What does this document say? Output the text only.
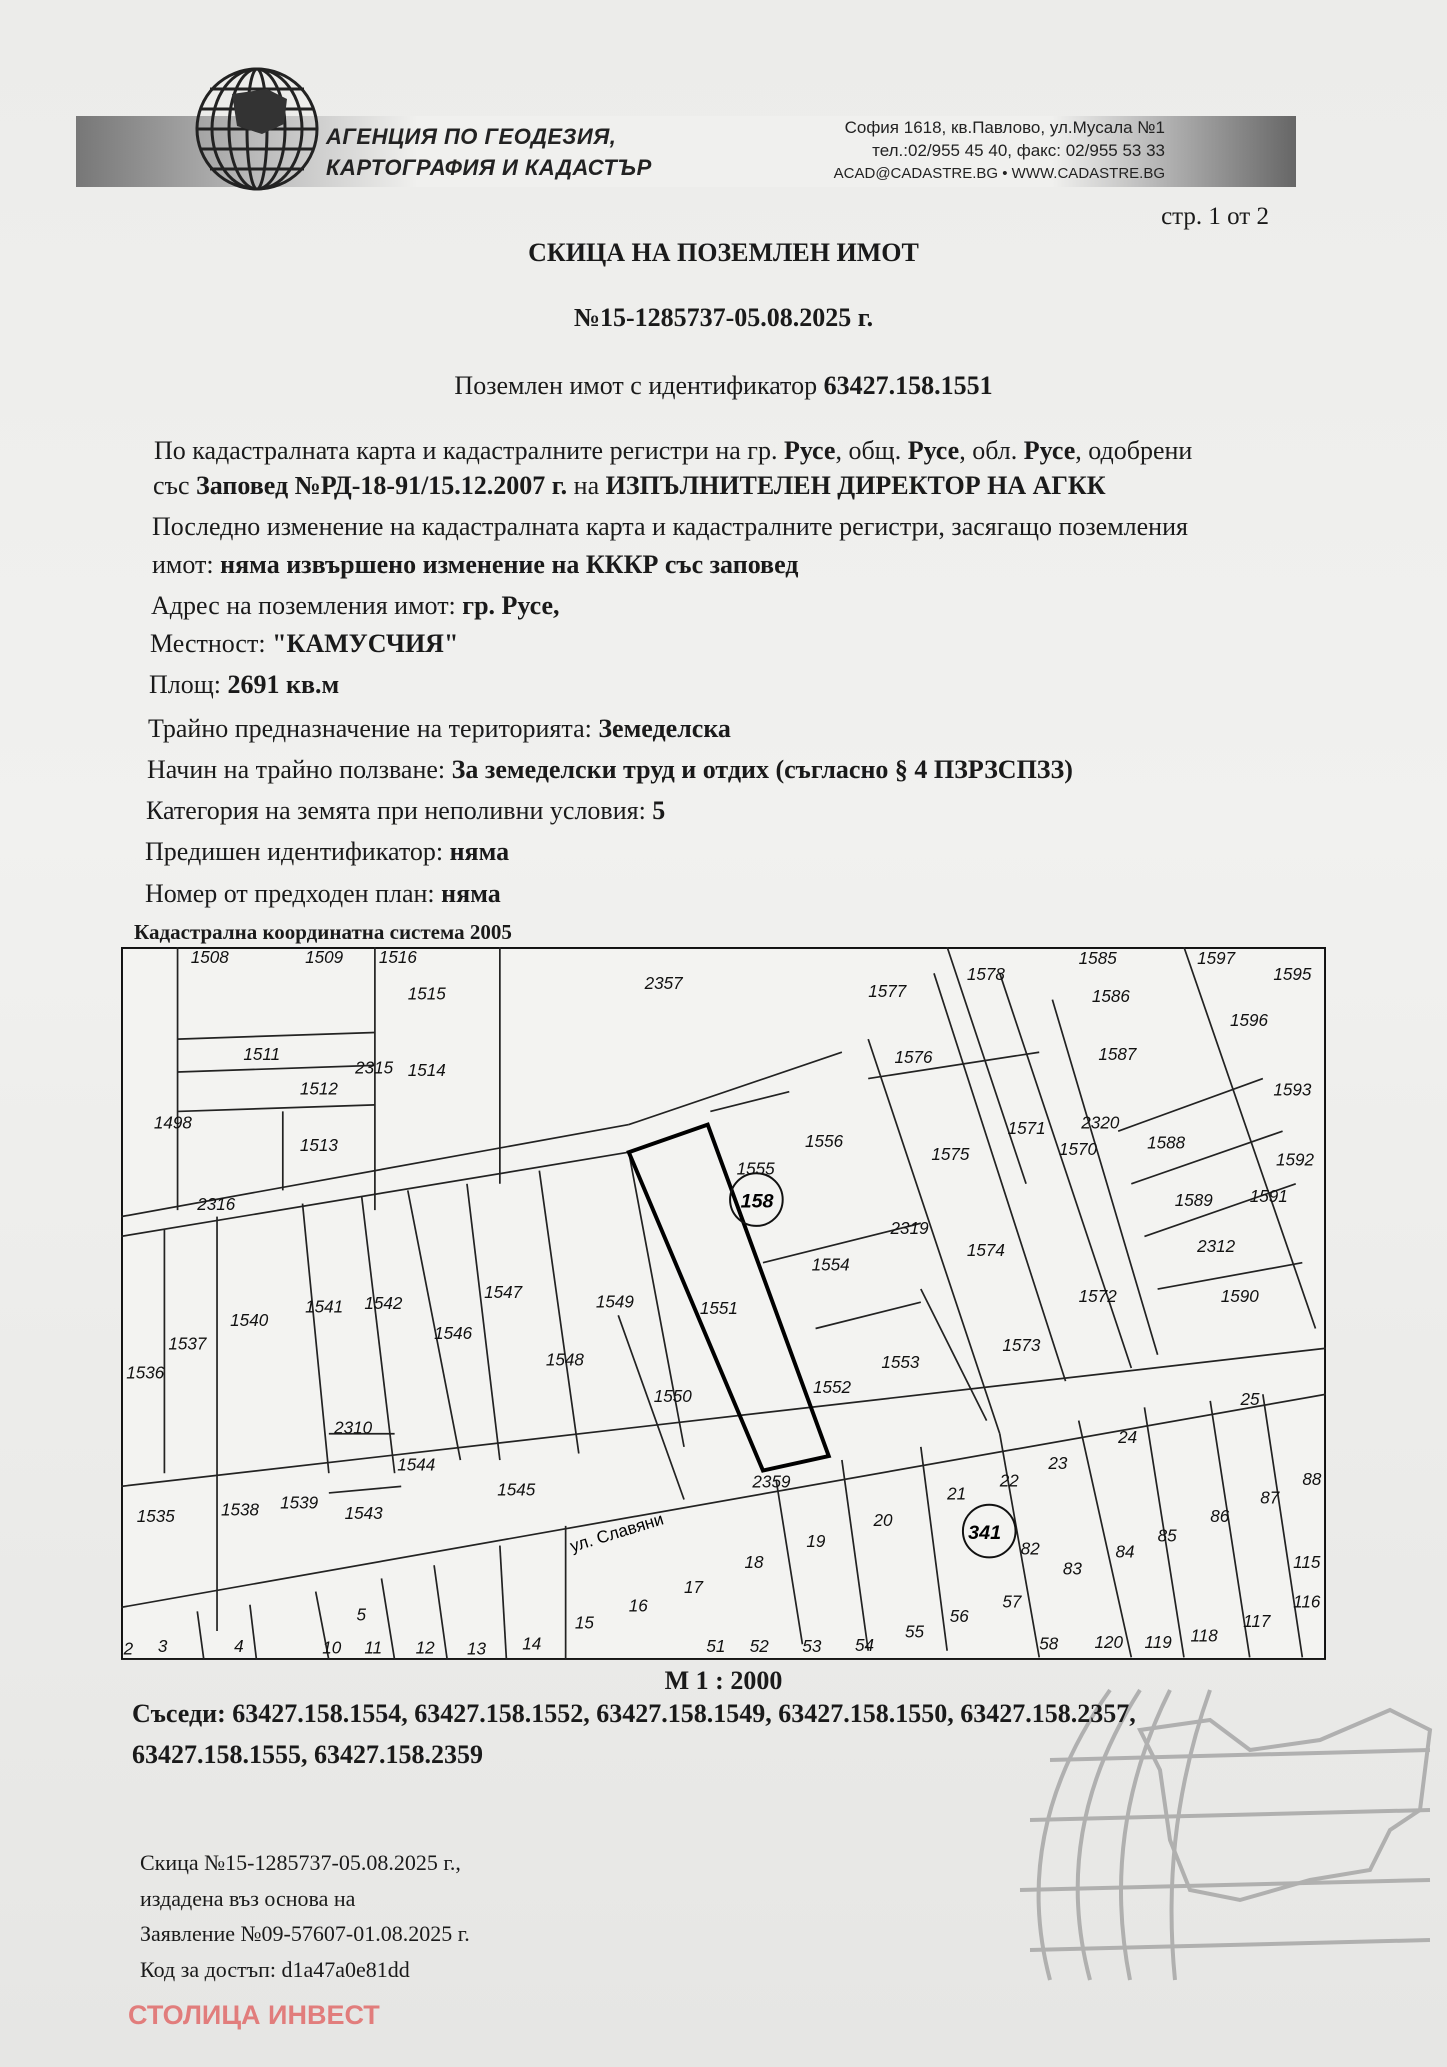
АГЕНЦИЯ ПО ГЕОДЕЗИЯ,
КАРТОГРАФИЯ И КАДАСТЪР
София 1618, кв.Павлово, ул.Мусала №1
тел.:02/955 45 40, факс: 02/955 53 33
ACAD@CADASTRE.BG • WWW.CADASTRE.BG
стр. 1 от 2
СКИЦА НА ПОЗЕМЛЕН ИМОТ
№15-1285737-05.08.2025 г.
Поземлен имот с идентификатор 63427.158.1551
По кадастралната карта и кадастралните регистри на гр. Русе, общ. Русе, обл. Русе, одобрени
със Заповед №РД-18-91/15.12.2007 г. на ИЗПЪЛНИТЕЛЕН ДИРЕКТОР НА АГКК
Последно изменение на кадастралната карта и кадастралните регистри, засягащо поземления
имот: няма извършено изменение на КККР със заповед
Адрес на поземления имот: гр. Русе,
Местност: "КАМУСЧИЯ"
Площ: 2691 кв.м
Трайно предназначение на територията: Земеделска
Начин на трайно ползване: За земеделски труд и отдих (съгласно § 4 ПЗРЗСПЗЗ)
Категория на земята при неполивни условия: 5
Предишен идентификатор: няма
Номер от предходен план: няма
Кадастрална координатна система 2005
ул. Славяни
158
341
1508	1509	1516
1515
2357	1577
1578
1585	1597
1595
1586
1596
1511
1514
1576	1587
1512
2315
1593
1498
1556
1571	2320
1513
1555
1575	1570	1588
1592
1591
2316	1589
2319
2312
1554
1574
1540
1541 1542
1546
1547	1549	1551
1572	1590
1537
1536
1548
1573
1553
1552
1550
2310
1544
1545
25
24
23
1535	1538 1539
1543
2359
21
22
20
19
18
17
16
15
87
86
85
88
84
83
82
57
115
116
117
118
119
120
58
56
55
54
53
52
51
14
13
12
11
10
5
4
3
2
М 1 : 2000
Съседи: 63427.158.1554, 63427.158.1552, 63427.158.1549, 63427.158.1550, 63427.158.2357,
63427.158.1555, 63427.158.2359
Скица №15-1285737-05.08.2025 г.,
издадена въз основа на
Заявление №09-57607-01.08.2025 г.
Код за достъп: d1a47a0e81dd
СТОЛИЦА ИНВЕСТ
